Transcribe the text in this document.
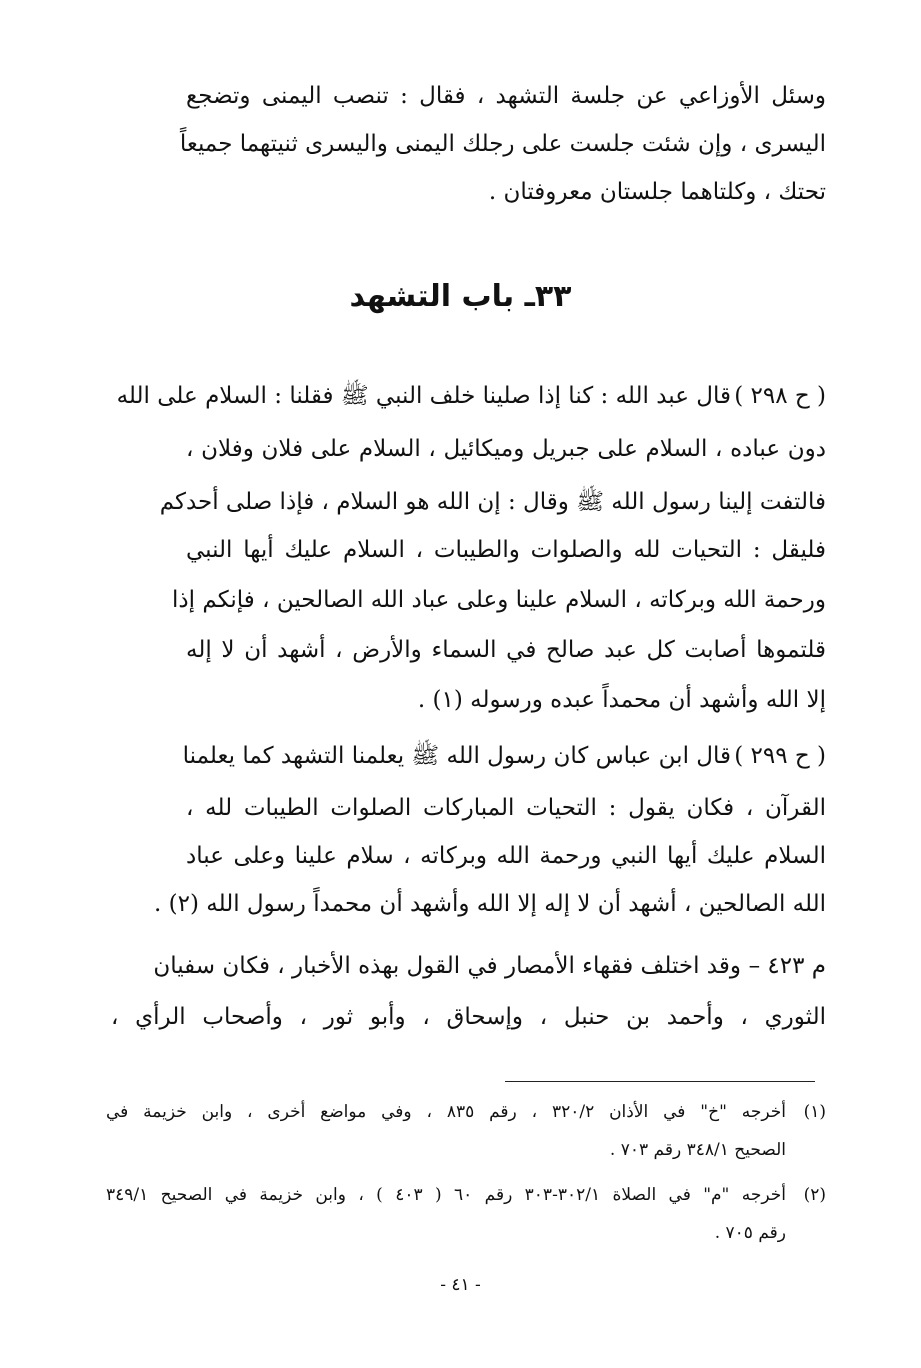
وسئل الأوزاعي عن جلسة التشهد ، فقال : تنصب اليمنى وتضجع
اليسرى ، وإن شئت جلست على رجلك اليمنى واليسرى ثنيتهما جميعاً
تحتك ، وكلتاهما جلستان معروفتان .
٣٣ـ باب التشهد
( ح ٢٩٨ )
قال عبد الله : كنا إذا صلينا خلف النبي ﷺ فقلنا : السلام على الله
دون عباده ، السلام على جبريل وميكائيل ، السلام على فلان وفلان ،
فالتفت إلينا رسول الله ﷺ وقال : إن الله هو السلام ، فإذا صلى أحدكم
فليقل : التحيات لله والصلوات والطيبات ، السلام عليك أيها النبي
ورحمة الله وبركاته ، السلام علينا وعلى عباد الله الصالحين ، فإنكم إذا
قلتموها أصابت كل عبد صالح في السماء والأرض ، أشهد أن لا إله
إلا الله وأشهد أن محمداً عبده ورسوله (١) .
( ح ٢٩٩ )
قال ابن عباس كان رسول الله ﷺ يعلمنا التشهد كما يعلمنا
القرآن ، فكان يقول : التحيات المباركات الصلوات الطيبات لله ،
السلام عليك أيها النبي ورحمة الله وبركاته ، سلام علينا وعلى عباد
الله الصالحين ، أشهد أن لا إله إلا الله وأشهد أن محمداً رسول الله (٢) .
م ٤٢٣ –
وقد اختلف فقهاء الأمصار في القول بهذه الأخبار ، فكان سفيان
الثوري ، وأحمد بن حنبل ، وإسحاق ، وأبو ثور ، وأصحاب الرأي ،
(١)
أخرجه "خ" في الأذان ٣٢٠/٢ ، رقم ٨٣٥ ، وفي مواضع أخرى ، وابن خزيمة في
الصحيح ٣٤٨/١ رقم ٧٠٣ .
(٢)
أخرجه "م" في الصلاة ٣٠٢/١-٣٠٣ رقم ٦٠ ( ٤٠٣ ) ، وابن خزيمة في الصحيح ٣٤٩/١
رقم ٧٠٥ .
- ٤١ -
